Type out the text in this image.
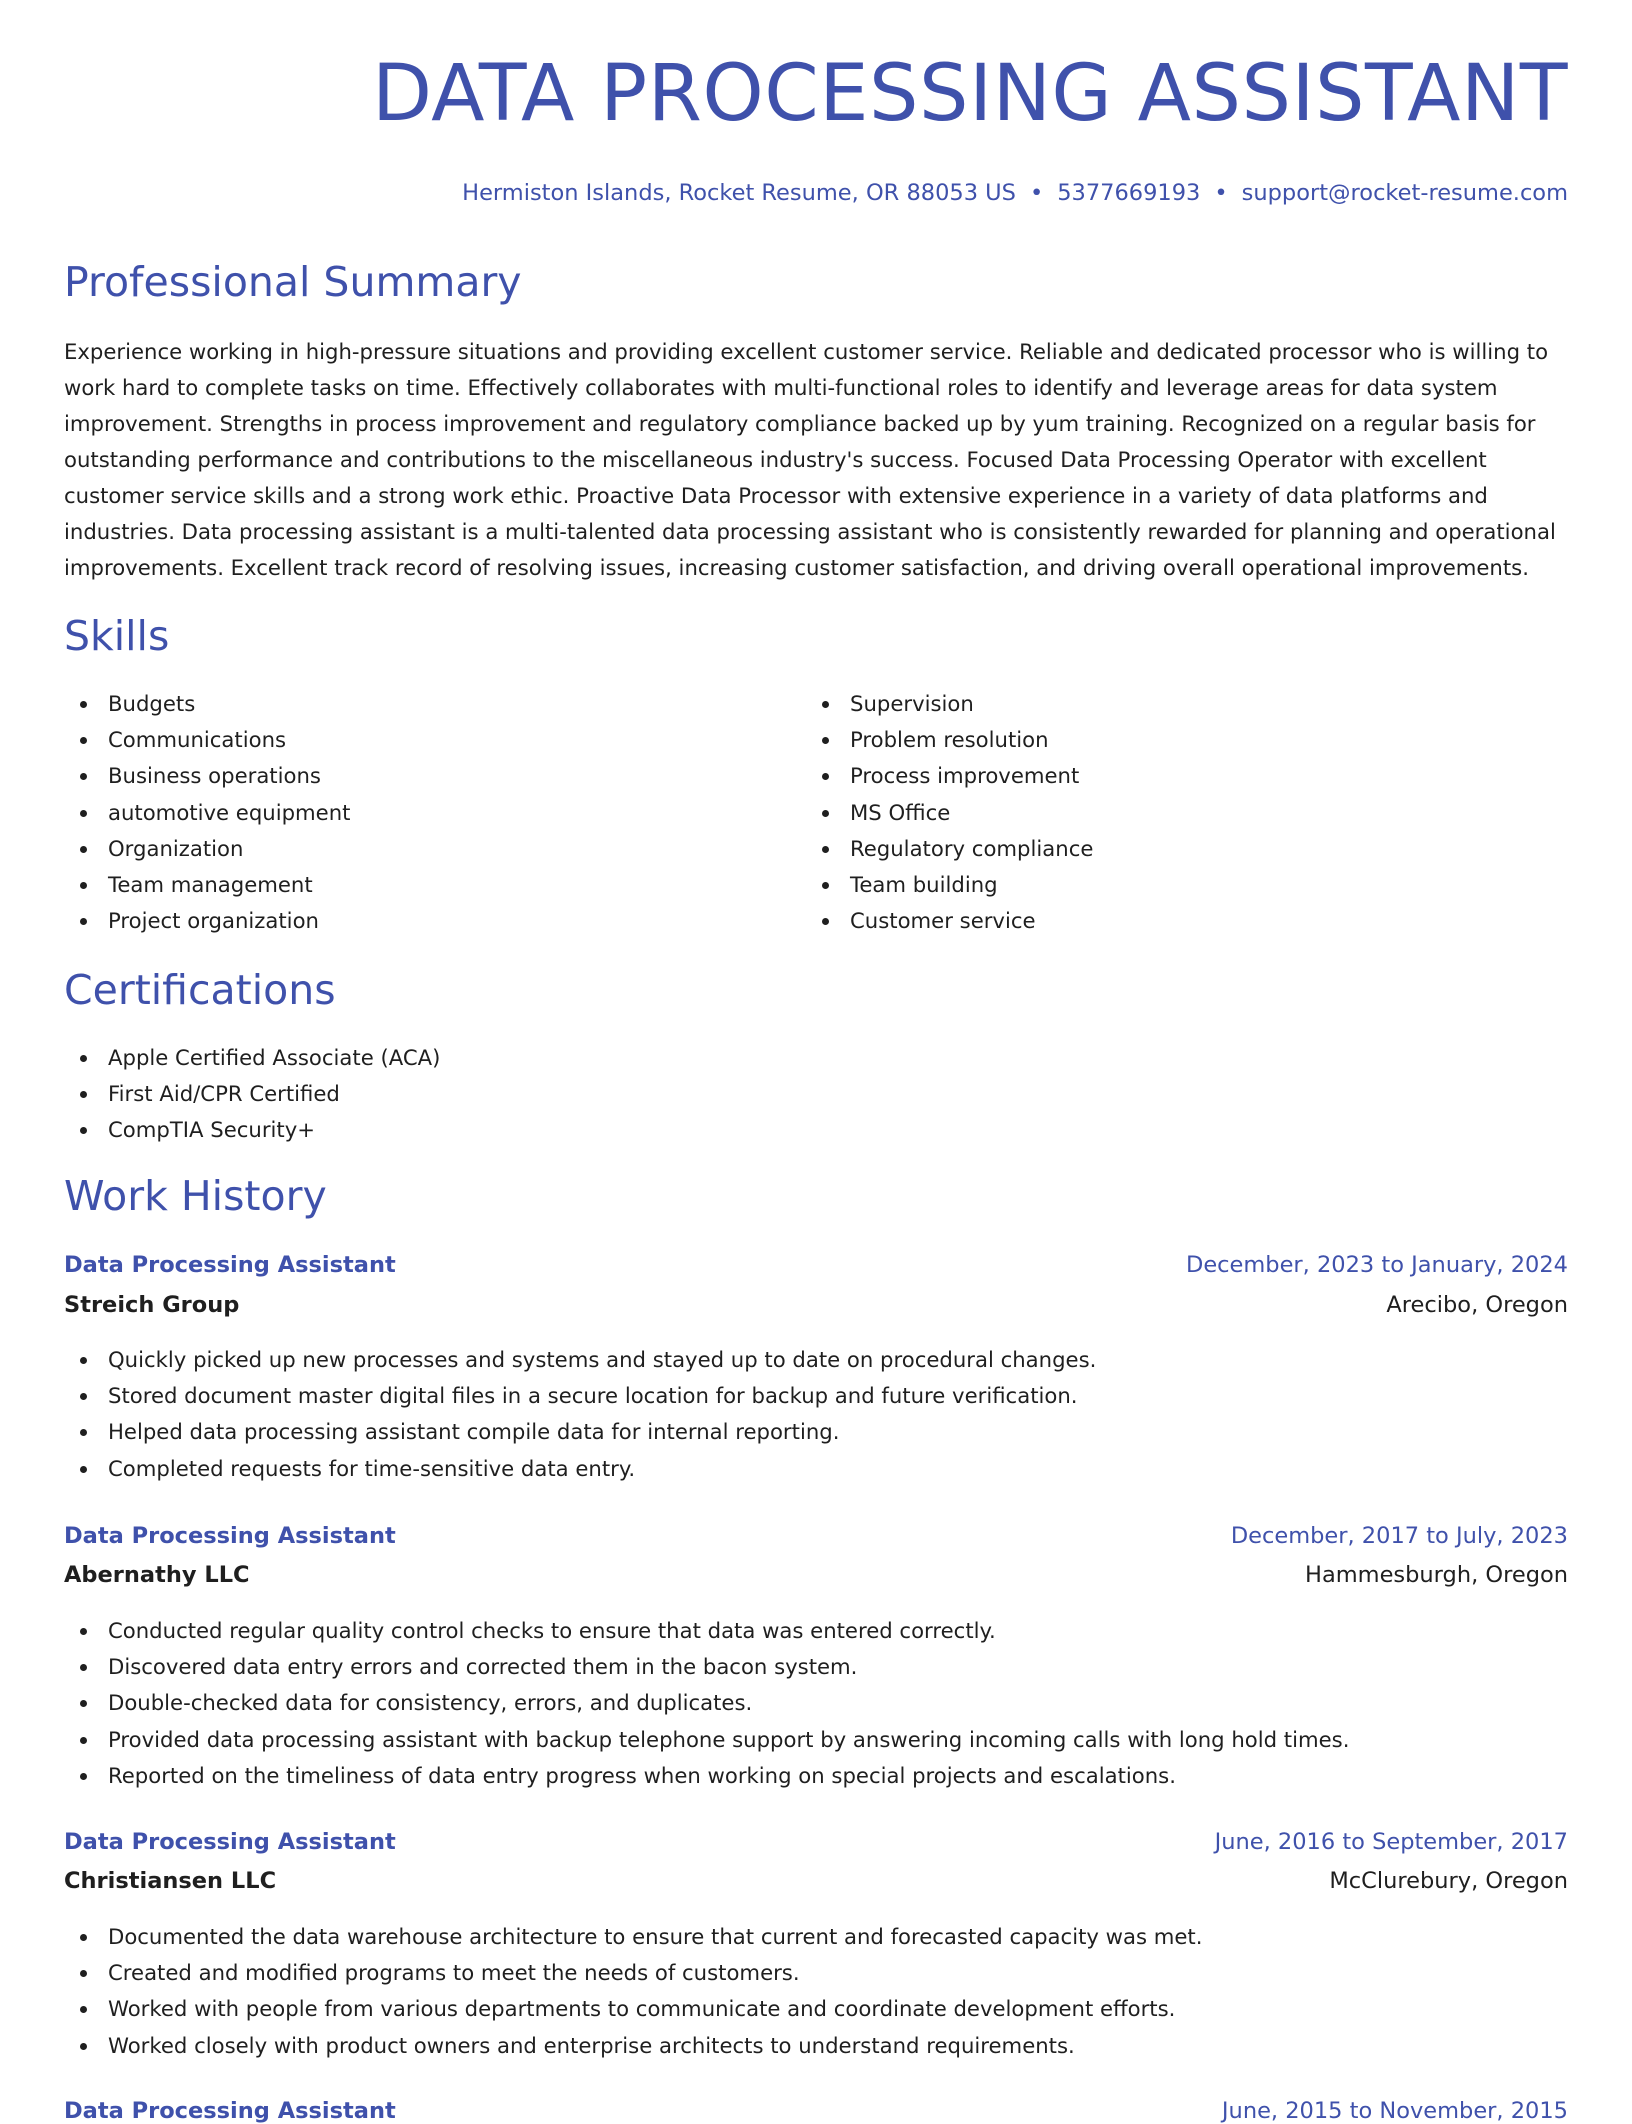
DATA PROCESSING ASSISTANT
Hermiston Islands, Rocket Resume, OR 88053 US • 5377669193 • support@rocket-resume.com
Professional Summary

Experience working in high-pressure situations and providing excellent customer service. Reliable and dedicated processor who is willing to work hard to complete tasks on time. Effectively collaborates with multi-functional roles to identify and leverage areas for data system improvement. Strengths in process improvement and regulatory compliance backed up by yum training. Recognized on a regular basis for outstanding performance and contributions to the miscellaneous industry's success. Focused Data Processing Operator with excellent customer service skills and a strong work ethic. Proactive Data Processor with extensive experience in a variety of data platforms and industries. Data processing assistant is a multi-talented data processing assistant who is consistently rewarded for planning and operational improvements. Excellent track record of resolving issues, increasing customer satisfaction, and driving overall operational improvements.

Skills
Budgets
Communications
Business operations
automotive equipment
Organization
Team management
Project organization
Supervision
Problem resolution
Process improvement
MS Office
Regulatory compliance
Team building
Customer service
Certifications
Apple Certified Associate (ACA)
First Aid/CPR Certified
CompTIA Security+
Work History
Data Processing Assistant	December, 2023 to January, 2024
Streich Group	Arecibo, Oregon
Quickly picked up new processes and systems and stayed up to date on procedural changes.
Stored document master digital files in a secure location for backup and future verification.
Helped data processing assistant compile data for internal reporting.
Completed requests for time-sensitive data entry.
Data Processing Assistant	December, 2017 to July, 2023
Abernathy LLC	Hammesburgh, Oregon
Conducted regular quality control checks to ensure that data was entered correctly.
Discovered data entry errors and corrected them in the bacon system.
Double-checked data for consistency, errors, and duplicates.
Provided data processing assistant with backup telephone support by answering incoming calls with long hold times.
Reported on the timeliness of data entry progress when working on special projects and escalations.
Data Processing Assistant	June, 2016 to September, 2017
Christiansen LLC	McClurebury, Oregon
Documented the data warehouse architecture to ensure that current and forecasted capacity was met.
Created and modified programs to meet the needs of customers.
Worked with people from various departments to communicate and coordinate development efforts.
Worked closely with product owners and enterprise architects to understand requirements.
Data Processing Assistant	June, 2015 to November, 2015
